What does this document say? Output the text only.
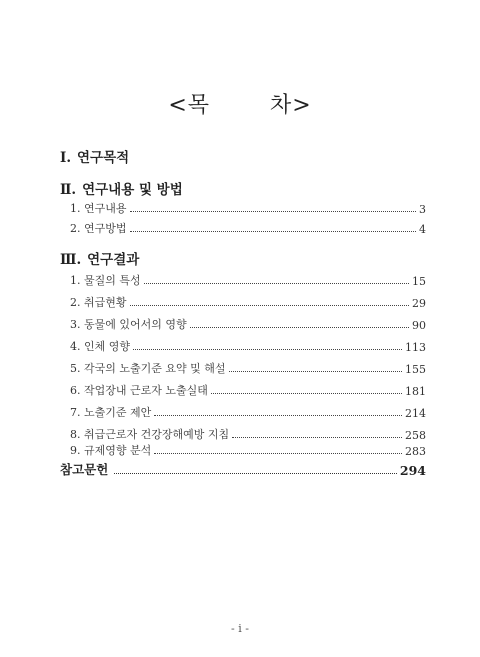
<목	차>
Ⅰ. 연구목적
Ⅱ. 연구내용 및 방법
1. 연구내용	3
2. 연구방법	4
Ⅲ. 연구결과
1. 물질의 특성	15
2. 취급현황	29
3. 동물에 있어서의 영향	90
4. 인체 영향	113
5. 각국의 노출기준 요약 및 해설	155
6. 작업장내 근로자 노출실태	181
7. 노출기준 제안	214
8. 취급근로자 건강장해예방 지침	258
9. 규제영향 분석	283
참고문헌	294
- i -
